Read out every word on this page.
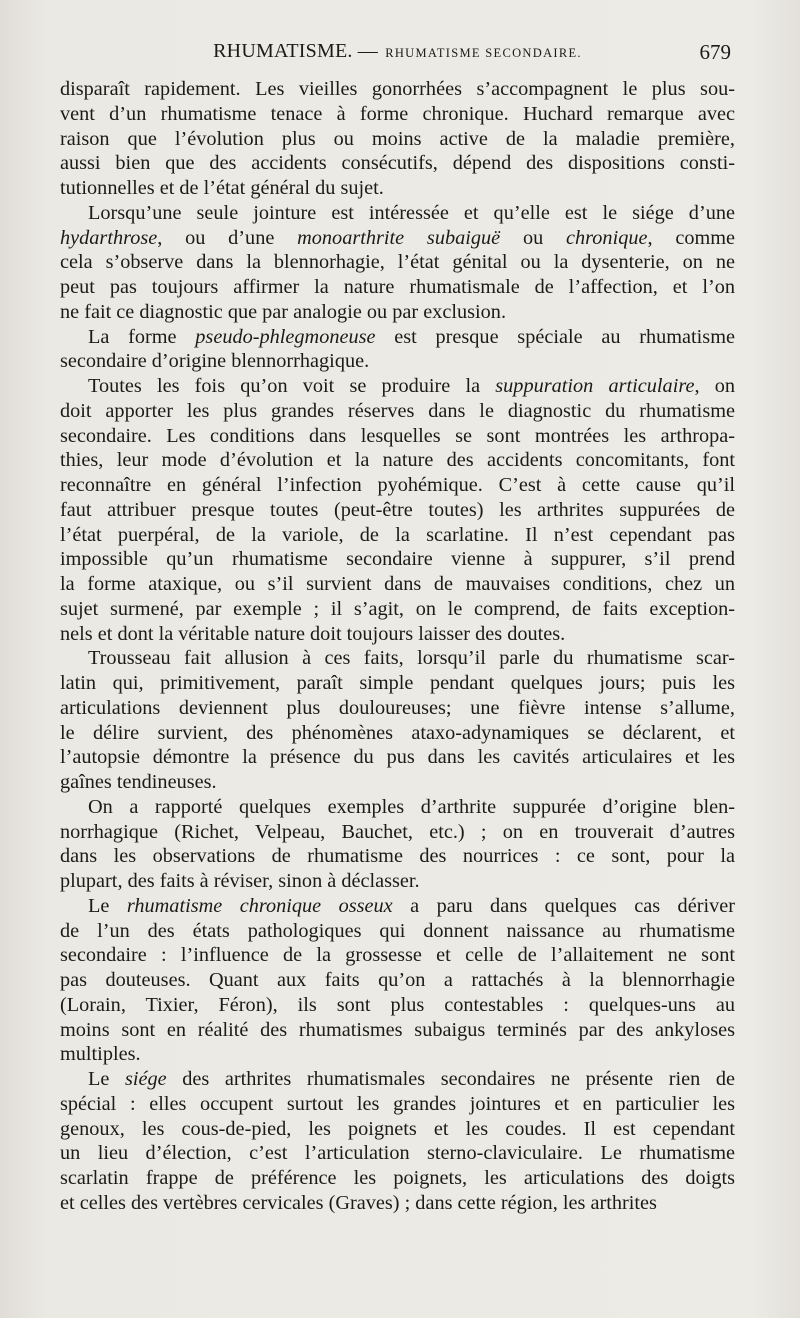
RHUMATISME. — RHUMATISME SECONDAIRE.	679

disparaît rapidement. Les vieilles gonorrhées s’accompagnent le plus sou-
vent d’un rhumatisme tenace à forme chronique. Huchard remarque avec
raison que l’évolution plus ou moins active de la maladie première,
aussi bien que des accidents consécutifs, dépend des dispositions consti-
tutionnelles et de l’état général du sujet.

Lorsqu’une seule jointure est intéressée et qu’elle est le siége d’une
hydarthrose, ou d’une monoarthrite subaiguë ou chronique, comme
cela s’observe dans la blennorhagie, l’état génital ou la dysenterie, on ne
peut pas toujours affirmer la nature rhumatismale de l’affection, et l’on
ne fait ce diagnostic que par analogie ou par exclusion.

La forme pseudo-phlegmoneuse est presque spéciale au rhumatisme
secondaire d’origine blennorrhagique.

Toutes les fois qu’on voit se produire la suppuration articulaire, on
doit apporter les plus grandes réserves dans le diagnostic du rhumatisme
secondaire. Les conditions dans lesquelles se sont montrées les arthropa-
thies, leur mode d’évolution et la nature des accidents concomitants, font
reconnaître en général l’infection pyohémique. C’est à cette cause qu’il
faut attribuer presque toutes (peut-être toutes) les arthrites suppurées de
l’état puerpéral, de la variole, de la scarlatine. Il n’est cependant pas
impossible qu’un rhumatisme secondaire vienne à suppurer, s’il prend
la forme ataxique, ou s’il survient dans de mauvaises conditions, chez un
sujet surmené, par exemple ; il s’agit, on le comprend, de faits exception-
nels et dont la véritable nature doit toujours laisser des doutes.

Trousseau fait allusion à ces faits, lorsqu’il parle du rhumatisme scar-
latin qui, primitivement, paraît simple pendant quelques jours; puis les
articulations deviennent plus douloureuses; une fièvre intense s’allume,
le délire survient, des phénomènes ataxo-adynamiques se déclarent, et
l’autopsie démontre la présence du pus dans les cavités articulaires et les
gaînes tendineuses.

On a rapporté quelques exemples d’arthrite suppurée d’origine blen-
norrhagique (Richet, Velpeau, Bauchet, etc.) ; on en trouverait d’autres
dans les observations de rhumatisme des nourrices : ce sont, pour la
plupart, des faits à réviser, sinon à déclasser.

Le rhumatisme chronique osseux a paru dans quelques cas dériver
de l’un des états pathologiques qui donnent naissance au rhumatisme
secondaire : l’influence de la grossesse et celle de l’allaitement ne sont
pas douteuses. Quant aux faits qu’on a rattachés à la blennorrhagie
(Lorain, Tixier, Féron), ils sont plus contestables : quelques-uns au
moins sont en réalité des rhumatismes subaigus terminés par des ankyloses
multiples.

Le siége des arthrites rhumatismales secondaires ne présente rien de
spécial : elles occupent surtout les grandes jointures et en particulier les
genoux, les cous-de-pied, les poignets et les coudes. Il est cependant
un lieu d’élection, c’est l’articulation sterno-claviculaire. Le rhumatisme
scarlatin frappe de préférence les poignets, les articulations des doigts
et celles des vertèbres cervicales (Graves) ; dans cette région, les arthrites
